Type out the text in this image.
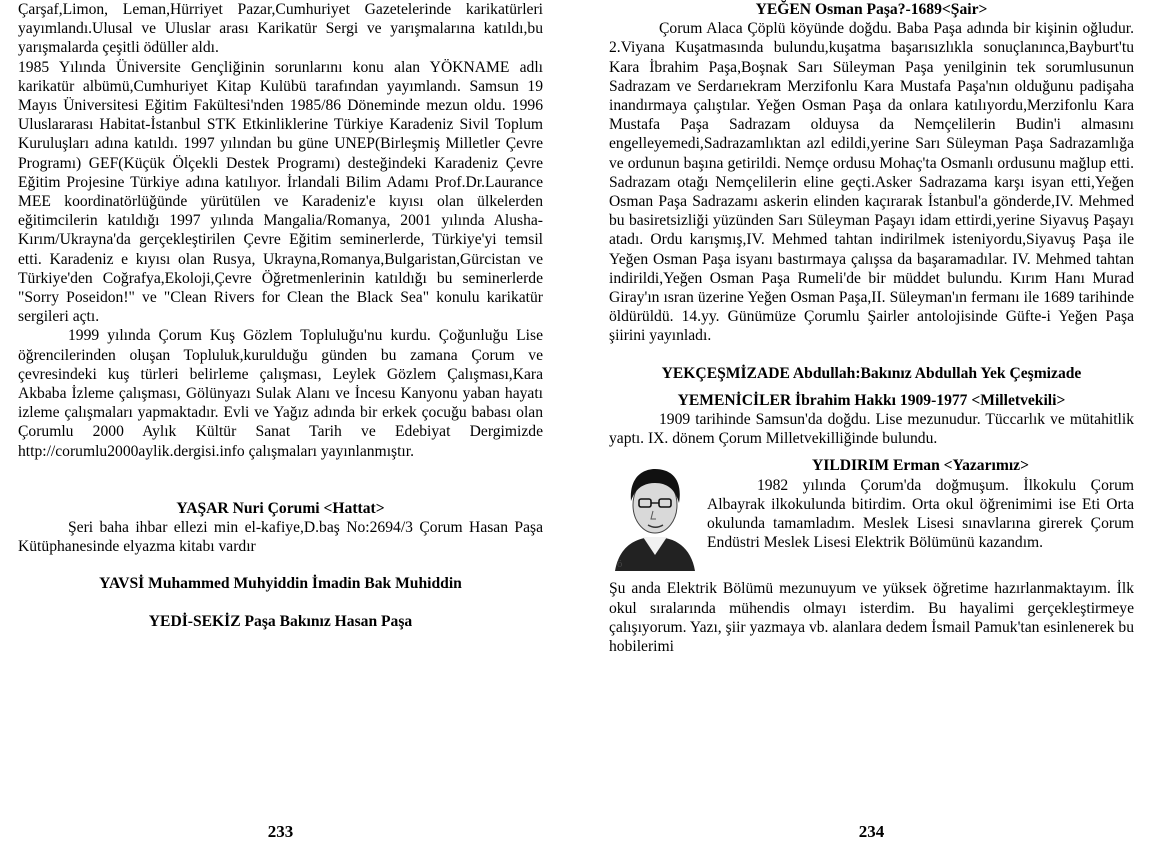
Çarşaf,Limon, Leman,Hürriyet Pazar,Cumhuriyet Gazetelerinde karikatürleri yayımlandı.Ulusal ve Uluslar arası Karikatür Sergi ve yarışmalarına katıldı,bu yarışmalarda çeşitli ödüller aldı.

1985 Yılında Üniversite Gençliğinin sorunlarını konu alan YÖKNAME adlı karikatür albümü,Cumhuriyet Kitap Kulübü tarafından yayımlandı. Samsun 19 Mayıs Üniversitesi Eğitim Fakültesi'nden 1985/86 Döneminde mezun oldu. 1996 Uluslararası Habitat-İstanbul STK Etkinliklerine Türkiye Karadeniz Sivil Toplum Kuruluşları adına katıldı. 1997 yılından bu güne UNEP(Birleşmiş Milletler Çevre Programı) GEF(Küçük Ölçekli Destek Programı) desteğindeki Karadeniz Çevre Eğitim Projesine Türkiye adına katılıyor. İrlandali Bilim Adamı Prof.Dr.Laurance MEE koordinatörlüğünde yürütülen ve Karadeniz'e kıyısı olan ülkelerden eğitimcilerin katıldığı 1997 yılında Mangalia/Romanya, 2001 yılında Alusha-Kırım/Ukrayna'da gerçekleştirilen Çevre Eğitim seminerlerde, Türkiye'yi temsil etti. Karadeniz e kıyısı olan Rusya, Ukrayna,Romanya,Bulgaristan,Gürcistan ve Türkiye'den Coğrafya,Ekoloji,Çevre Öğretmenlerinin katıldığı bu seminerlerde "Sorry Poseidon!" ve "Clean Rivers for Clean the Black Sea" konulu karikatür sergileri açtı.

1999 yılında Çorum Kuş Gözlem Topluluğu'nu kurdu. Çoğunluğu Lise öğrencilerinden oluşan Topluluk,kurulduğu günden bu zamana Çorum ve çevresindeki kuş türleri belirleme çalışması, Leylek Gözlem Çalışması,Kara Akbaba İzleme çalışması, Gölünyazı Sulak Alanı ve İncesu Kanyonu yaban hayatı izleme çalışmaları yapmaktadır. Evli ve Yağız adında bir erkek çocuğu babası olan Çorumlu 2000 Aylık Kültür Sanat Tarih ve Edebiyat Dergimizde http://corumlu2000aylik.dergisi.info çalışmaları yayınlanmıştır.

YAŞAR Nuri Çorumi <Hattat>

Şeri baha ihbar ellezi min el-kafiye,D.baş No:2694/3 Çorum Hasan Paşa Kütüphanesinde elyazma kitabı vardır

YAVSİ Muhammed Muhyiddin İmadin Bak Muhiddin
YEDİ-SEKİZ Paşa Bakınız Hasan Paşa
233
YEĞEN Osman Paşa?-1689<Şair>

Çorum Alaca Çöplü köyünde doğdu. Baba Paşa adında bir kişinin oğludur. 2.Viyana Kuşatmasında bulundu,kuşatma başarısızlıkla sonuçlanınca,Bayburt'tu Kara İbrahim Paşa,Boşnak Sarı Süleyman Paşa yenilginin tek sorumlusunun Sadrazam ve Serdarıekram Merzifonlu Kara Mustafa Paşa'nın olduğunu padişaha inandırmaya çalıştılar. Yeğen Osman Paşa da onlara katılıyordu,Merzifonlu Kara Mustafa Paşa Sadrazam olduysa da Nemçelilerin Budin'i almasını engelleyemedi,Sadrazamlıktan azl edildi,yerine Sarı Süleyman Paşa Sadrazamlığa ve ordunun başına getirildi. Nemçe ordusu Mohaç'ta Osmanlı ordusunu mağlup etti. Sadrazam otağı Nemçelilerin eline geçti.Asker Sadrazama karşı isyan etti,Yeğen Osman Paşa Sadrazamı askerin elinden kaçırarak İstanbul'a gönderde,IV. Mehmed bu basiretsizliği yüzünden Sarı Süleyman Paşayı idam ettirdi,yerine Siyavuş Paşayı atadı. Ordu karışmış,IV. Mehmed tahtan indirilmek isteniyordu,Siyavuş Paşa ile Yeğen Osman Paşa isyanı bastırmaya çalışsa da başaramadılar. IV. Mehmed tahtan indirildi,Yeğen Osman Paşa Rumeli'de bir müddet bulundu. Kırım Hanı Murad Giray'ın ısran üzerine Yeğen Osman Paşa,II. Süleyman'ın fermanı ile 1689 tarihinde öldürüldü. 14.yy. Günümüze Çorumlu Şairler antolojisinde Güfte-i Yeğen Paşa şiirini yayınladı.

YEKÇEŞMİZADE Abdullah:Bakınız Abdullah Yek Çeşmizade
YEMENİCİLER İbrahim Hakkı 1909-1977 <Milletvekili>

1909 tarihinde Samsun'da doğdu. Lise mezunudur. Tüccarlık ve mütahitlik yaptı. IX. dönem Çorum Milletvekilliğinde bulundu.

ö
YILDIRIM Erman <Yazarımız>

1982 yılında Çorum'da doğmuşum. İlkokulu Çorum Albayrak ilkokulunda bitirdim. Orta okul öğrenimimi ise Eti Orta okulunda tamamladım. Meslek Lisesi sınavlarına girerek Çorum Endüstri Meslek Lisesi Elektrik Bölümünü kazandım.

Şu anda Elektrik Bölümü mezunuyum ve yüksek öğretime hazırlanmaktayım. İlk okul sıralarında mühendis olmayı isterdim. Bu hayalimi gerçekleştirmeye çalışıyorum. Yazı, şiir yazmaya vb. alanlara dedem İsmail Pamuk'tan esinlenerek bu hobilerimi

234
